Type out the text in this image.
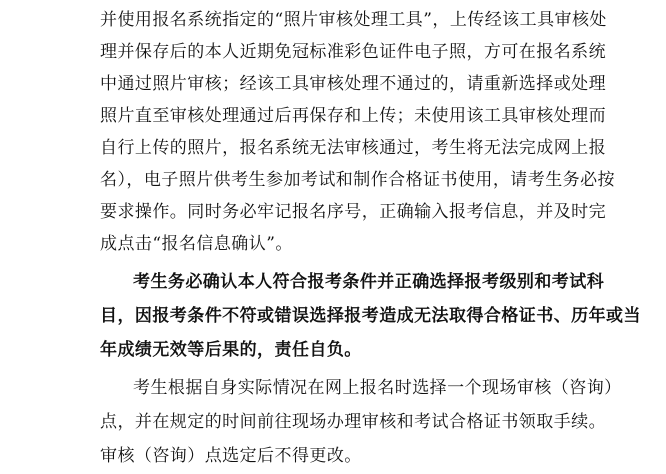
并使用报名系统指定的“照片审核处理工具”，上传经该工具审核处
理并保存后的本人近期免冠标准彩色证件电子照，方可在报名系统
中通过照片审核；经该工具审核处理不通过的，请重新选择或处理
照片直至审核处理通过后再保存和上传；未使用该工具审核处理而
自行上传的照片，报名系统无法审核通过，考生将无法完成网上报
名），电子照片供考生参加考试和制作合格证书使用，请考生务必按
要求操作。同时务必牢记报名序号，正确输入报考信息，并及时完
成点击“报名信息确认”。
考生务必确认本人符合报考条件并正确选择报考级别和考试科
目，因报考条件不符或错误选择报考造成无法取得合格证书、历年或当
年成绩无效等后果的，责任自负。
考生根据自身实际情况在网上报名时选择一个现场审核（咨询）
点，并在规定的时间前往现场办理审核和考试合格证书领取手续。
审核（咨询）点选定后不得更改。
